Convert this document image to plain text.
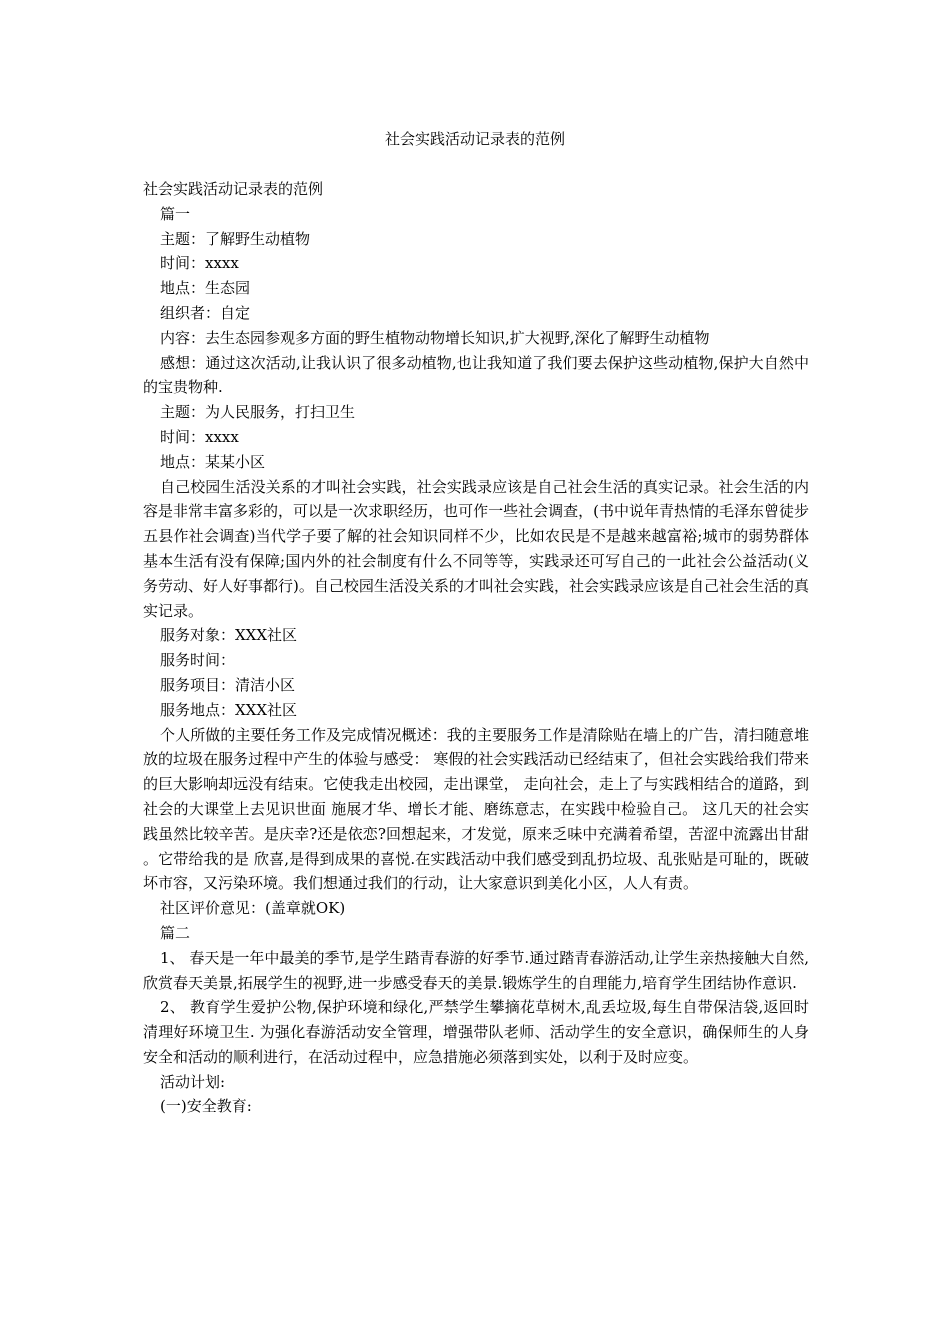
社会实践活动记录表的范例

社会实践活动记录表的范例

篇一

主题：了解野生动植物

时间：xxxx

地点：生态园

组织者：自定

内容：去生态园参观多方面的野生植物动物增长知识,扩大视野,深化了解野生动植物

感想：通过这次活动,让我认识了很多动植物,也让我知道了我们要去保护这些动植物,保护大自然中的宝贵物种.

主题：为人民服务，打扫卫生

时间：xxxx

地点：某某小区

自己校园生活没关系的才叫社会实践，社会实践录应该是自己社会生活的真实记录。社会生活的内容是非常丰富多彩的，可以是一次求职经历，也可作一些社会调查，(书中说年青热情的毛泽东曾徒步五县作社会调查)当代学子要了解的社会知识同样不少，比如农民是不是越来越富裕;城市的弱势群体基本生活有没有保障;国内外的社会制度有什么不同等等，实践录还可写自己的一此社会公益活动(义务劳动、好人好事都行)。自己校园生活没关系的才叫社会实践，社会实践录应该是自己社会生活的真实记录。

服务对象：XXX社区

服务时间：

服务项目：清洁小区

服务地点：XXX社区

个人所做的主要任务工作及完成情况概述：我的主要服务工作是清除贴在墙上的广告，清扫随意堆放的垃圾在服务过程中产生的体验与感受： 寒假的社会实践活动已经结束了，但社会实践给我们带来的巨大影响却远没有结束。它使我走出校园，走出课堂， 走向社会，走上了与实践相结合的道路，到社会的大课堂上去见识世面 施展才华、增长才能、磨练意志，在实践中检验自己。 这几天的社会实践虽然比较辛苦。是庆幸?还是依恋?回想起来，才发觉，原来乏味中充满着希望，苦涩中流露出甘甜 。它带给我的是 欣喜,是得到成果的喜悦.在实践活动中我们感受到乱扔垃圾、乱张贴是可耻的，既破坏市容，又污染环境。我们想通过我们的行动，让大家意识到美化小区，人人有责。

社区评价意见：(盖章就OK)

篇二

1、 春天是一年中最美的季节,是学生踏青春游的好季节.通过踏青春游活动,让学生亲热接触大自然,欣赏春天美景,拓展学生的视野,进一步感受春天的美景.锻炼学生的自理能力,培育学生团结协作意识.

2、 教育学生爱护公物,保护环境和绿化,严禁学生攀摘花草树木,乱丢垃圾,每生自带保洁袋,返回时清理好环境卫生. 为强化春游活动安全管理，增强带队老师、活动学生的安全意识，确保师生的人身安全和活动的顺利进行，在活动过程中，应急措施必须落到实处，以利于及时应变。

活动计划:

(一)安全教育:
